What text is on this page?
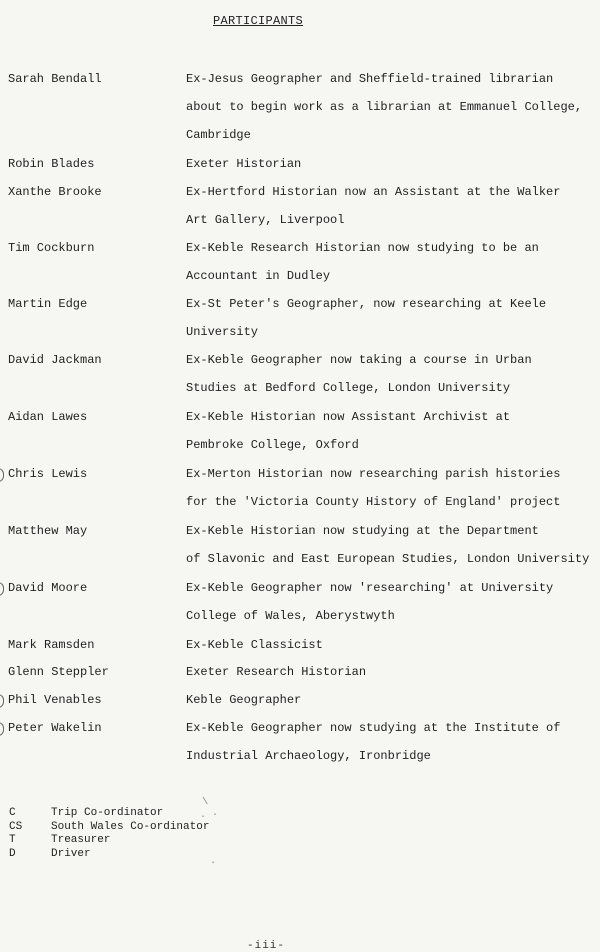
PARTICIPANTS
Sarah Bendall	Ex-Jesus Geographer and Sheffield-trained librarian
about to begin work as a librarian at Emmanuel College,
Cambridge
Robin Blades	Exeter Historian
Xanthe Brooke	Ex-Hertford Historian now an Assistant at the Walker
Art Gallery, Liverpool
Tim Cockburn	Ex-Keble Research Historian now studying to be an
Accountant in Dudley
Martin Edge	Ex-St Peter's Geographer, now researching at Keele
University
David Jackman	Ex-Keble Geographer now taking a course in Urban
Studies at Bedford College, London University
Aidan Lawes	Ex-Keble Historian now Assistant Archivist at
Pembroke College, Oxford
Chris Lewis	Ex-Merton Historian now researching parish histories
for the 'Victoria County History of England' project
Matthew May	Ex-Keble Historian now studying at the Department
of Slavonic and East European Studies, London University
David Moore	Ex-Keble Geographer now 'researching' at University
College of Wales, Aberystwyth
Mark Ramsden	Ex-Keble Classicist
Glenn Steppler	Exeter Research Historian
Phil Venables	Keble Geographer
Peter Wakelin	Ex-Keble Geographer now studying at the Institute of
Industrial Archaeology, Ironbridge
C	Trip Co-ordinator
CS	South Wales Co-ordinator
T	Treasurer
D	Driver
/
. ·
·
-iii-
